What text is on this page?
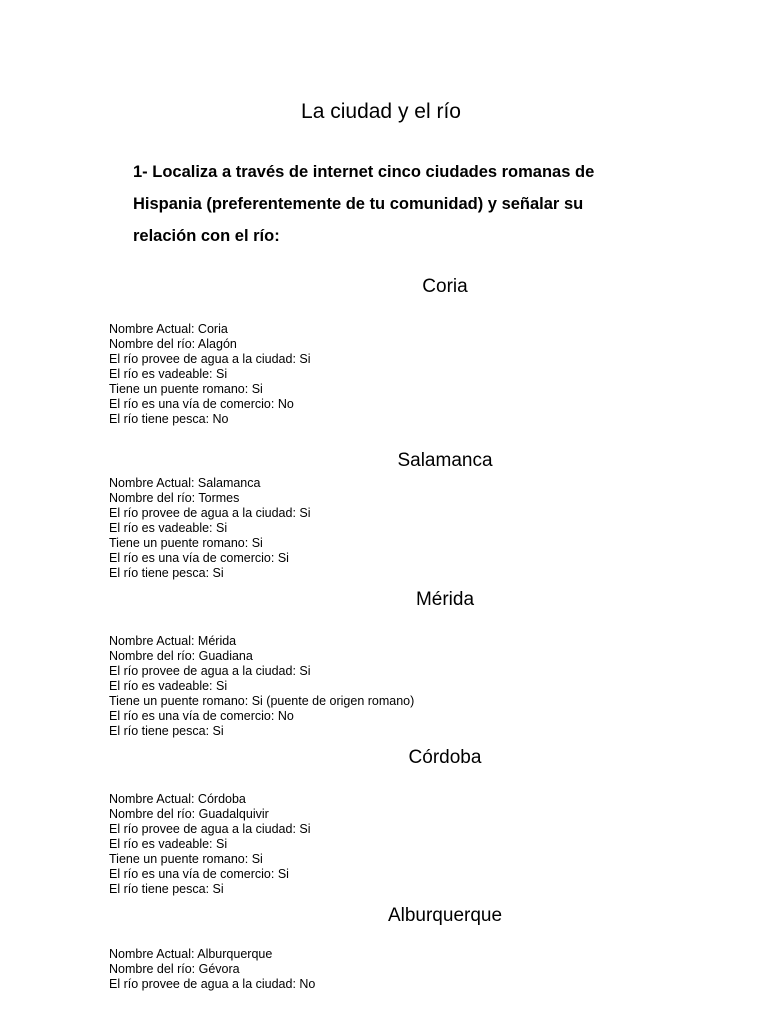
La ciudad y el río

1- Localiza a través de internet cinco ciudades romanas de
Hispania (preferentemente de tu comunidad) y señalar su
relación con el río:

Coria
Nombre Actual: Coria
Nombre del río: Alagón
El río provee de agua a la ciudad: Si
El río es vadeable: Si
Tiene un puente romano: Si
El río es una vía de comercio: No
El río tiene pesca: No
Salamanca
Nombre Actual: Salamanca
Nombre del río: Tormes
El río provee de agua a la ciudad: Si
El río es vadeable: Si
Tiene un puente romano: Si
El río es una vía de comercio: Si
El río tiene pesca: Si
Mérida
Nombre Actual: Mérida
Nombre del río: Guadiana
El río provee de agua a la ciudad: Si
El río es vadeable: Si
Tiene un puente romano: Si (puente de origen romano)
El río es una vía de comercio: No
El río tiene pesca: Si
Córdoba
Nombre Actual: Córdoba
Nombre del río: Guadalquivir
El río provee de agua a la ciudad: Si
El río es vadeable: Si
Tiene un puente romano: Si
El río es una vía de comercio: Si
El río tiene pesca: Si
Alburquerque
Nombre Actual: Alburquerque
Nombre del río: Gévora
El río provee de agua a la ciudad: No
